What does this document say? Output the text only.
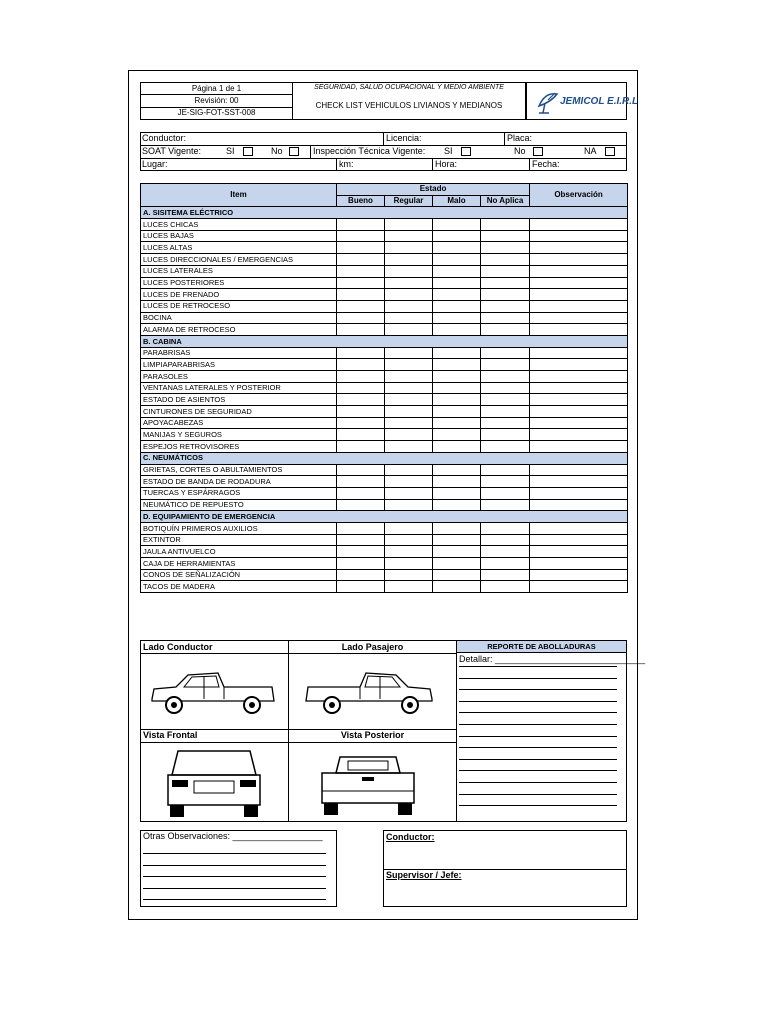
Página 1 de 1
Revisión: 00
JE-SIG-FOT-SST-008
SEGURIDAD, SALUD OCUPACIONAL Y MEDIO AMBIENTE
CHECK LIST VEHICULOS LIVIANOS Y MEDIANOS	JEMICOL E.I.R.L
Conductor:	Licencia:	Placa:
SOAT Vigente:	SI	No	Inspección Técnica Vigente: SI	No	NA
Lugar:	km:	Hora:	Fecha:
Item	Estado				Observación
	Bueno	Regular	Malo	No Aplica	
A. SISITEMA ELÉCTRICO					
LUCES CHICAS					
LUCES BAJAS					
LUCES ALTAS					
LUCES DIRECCIONALES / EMERGENCIAS					
LUCES LATERALES					
LUCES POSTERIORES					
LUCES DE FRENADO					
LUCES DE RETROCESO					
BOCINA					
ALARMA DE RETROCESO					
B. CABINA					
PARABRISAS					
LIMPIAPARABRISAS					
PARASOLES					
VENTANAS LATERALES Y POSTERIOR					
ESTADO DE ASIENTOS					
CINTURONES DE SEGURIDAD					
APOYACABEZAS					
MANIJAS Y SEGUROS					
ESPEJOS RETROVISORES					
C. NEUMÁTICOS					
GRIETAS, CORTES O ABULTAMIENTOS					
ESTADO DE BANDA DE RODADURA					
TUERCAS Y ESPÁRRAGOS					
NEUMÁTICO DE REPUESTO					
D. EQUIPAMIENTO DE EMERGENCIA					
BOTIQUÍN PRIMEROS AUXILIOS					
EXTINTOR					
JAULA ANTIVUELCO					
CAJA DE HERRAMIENTAS					
CONOS DE SEÑALIZACIÓN					
TACOS DE MADERA					
Lado Conductor	Lado Pasajero
Vista Frontal	Vista Posterior
REPORTE DE ABOLLADURAS
Detallar: ______________________________
Otras Observaciones: __________________	Conductor:
Supervisor / Jefe:
